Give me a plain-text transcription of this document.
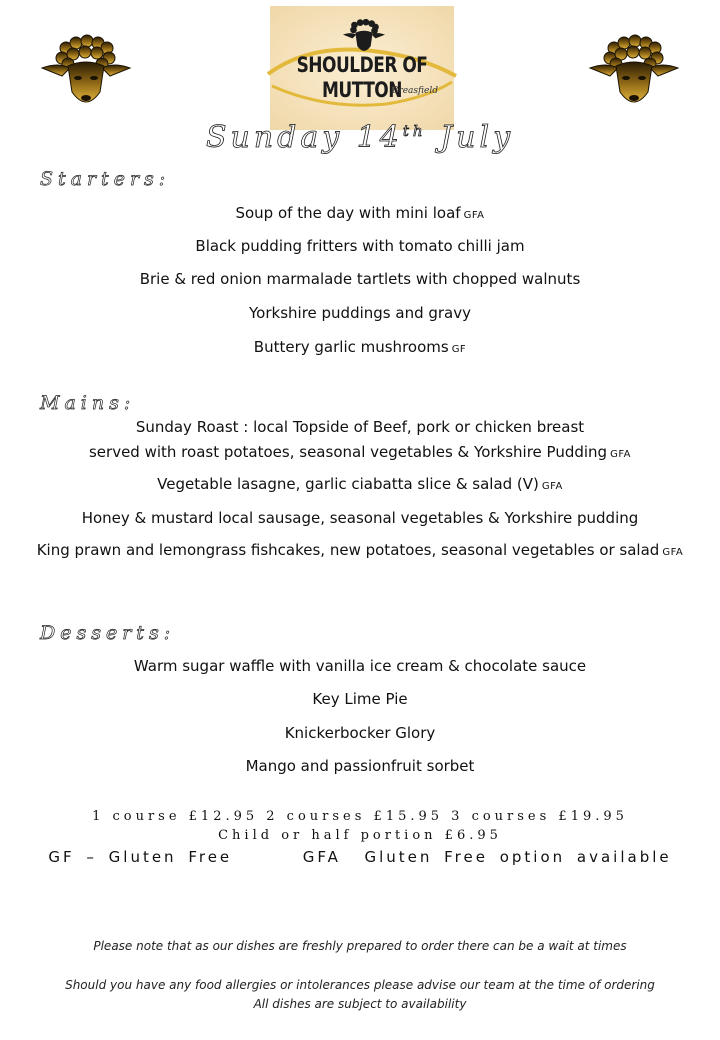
SHOULDER OF MUTTON
Breasfield
Sunday 14th July
Starters:
Soup of the day with mini loaf GFA
Black pudding fritters with tomato chilli jam
Brie & red onion marmalade tartlets with chopped walnuts
Yorkshire puddings and gravy
Buttery garlic mushrooms GF
Mains:
Sunday Roast : local Topside of Beef, pork or chicken breast
served with roast potatoes, seasonal vegetables & Yorkshire Pudding GFA
Vegetable lasagne, garlic ciabatta slice & salad (V) GFA
Honey & mustard local sausage, seasonal vegetables & Yorkshire pudding
King prawn and lemongrass fishcakes, new potatoes, seasonal vegetables or salad GFA
Desserts:
Warm sugar waffle with vanilla ice cream & chocolate sauce
Key Lime Pie
Knickerbocker Glory
Mango and passionfruit sorbet
1 course £12.95 2 courses £15.95 3 courses £19.95
Child or half portion £6.95
GF – Gluten Free      GFA  Gluten Free option available
Please note that as our dishes are freshly prepared to order there can be a wait at times
Should you have any food allergies or intolerances please advise our team at the time of ordering
All dishes are subject to availability
